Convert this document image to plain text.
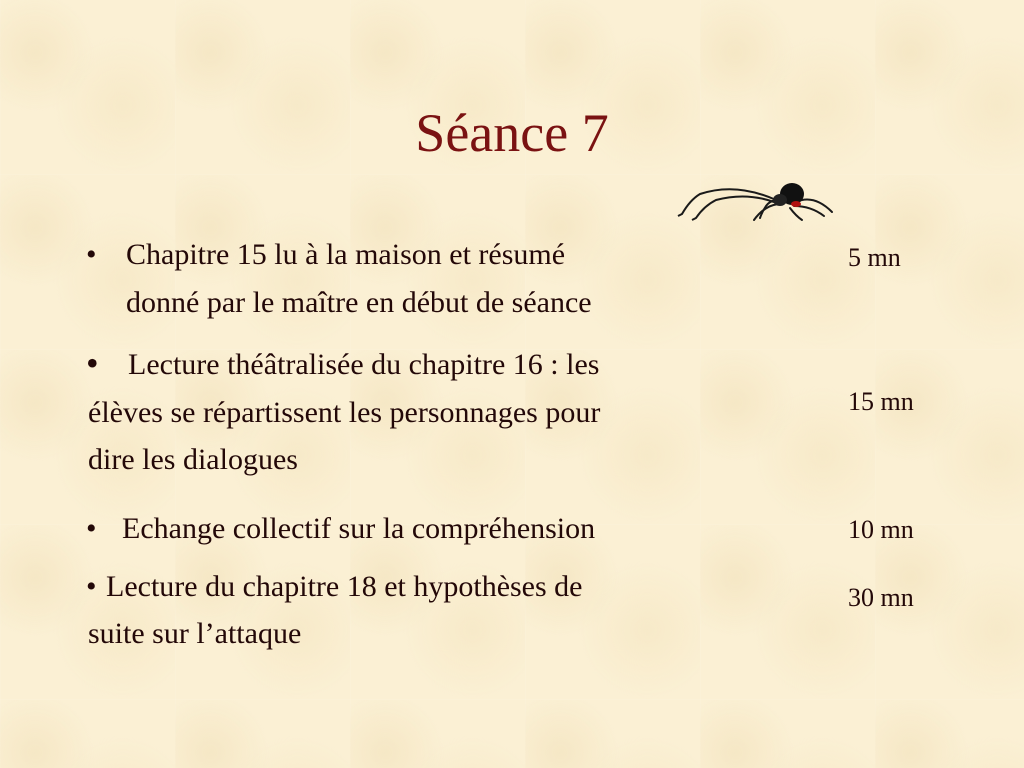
Séance 7
• Chapitre 15 lu à la maison et résumé
donné par le maître en début de séance
5 mn
• Lecture théâtralisée du chapitre 16 : les
élèves se répartissent les personnages pour
dire les dialogues
15 mn
• Echange collectif sur la compréhension	10 mn
• Lecture du chapitre 18 et hypothèses de
suite sur l’attaque
30 mn
